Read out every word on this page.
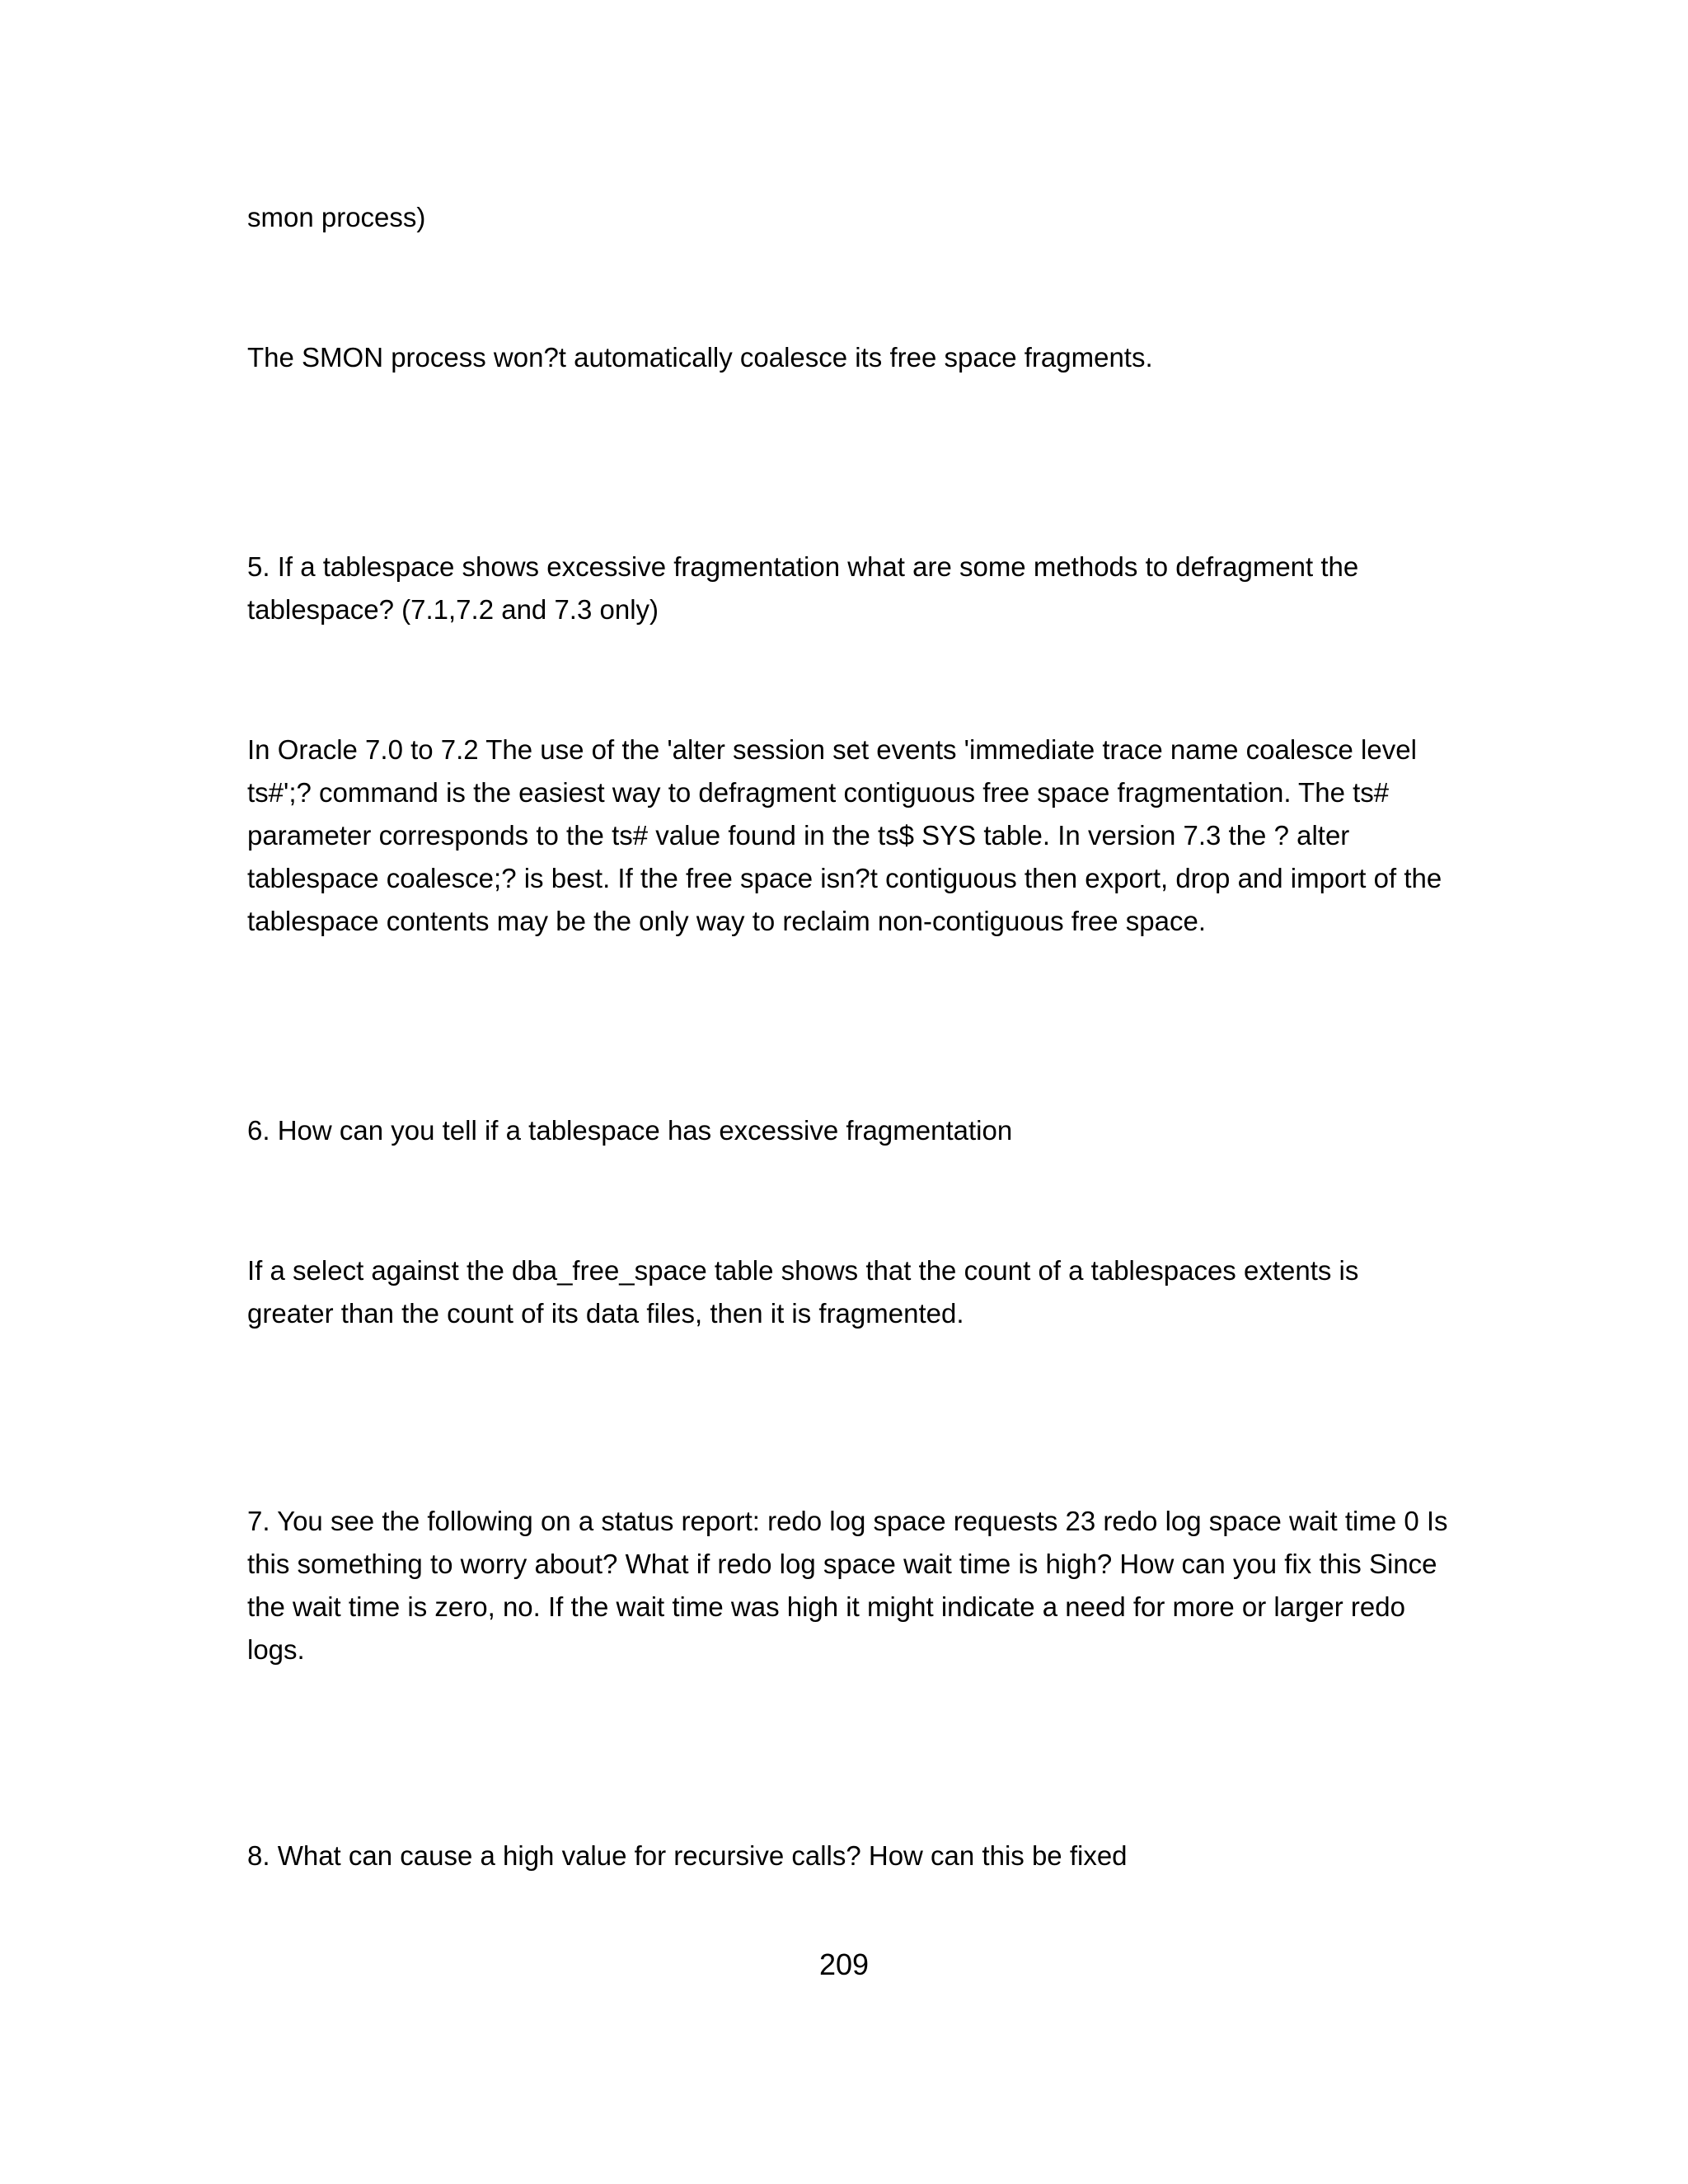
smon process)

The SMON process won?t automatically coalesce its free space fragments.

5. If a tablespace shows excessive fragmentation what are some methods to defragment the tablespace? (7.1,7.2 and 7.3 only)

In Oracle 7.0 to 7.2 The use of the 'alter session set events 'immediate trace name coalesce level ts#';? command is the easiest way to defragment contiguous free space fragmentation. The ts# parameter corresponds to the ts# value found in the ts$ SYS table. In version 7.3 the ? alter tablespace coalesce;? is best. If the free space isn?t contiguous then export, drop and import of the tablespace contents may be the only way to reclaim non-contiguous free space.

6. How can you tell if a tablespace has excessive fragmentation

If a select against the dba_free_space table shows that the count of a tablespaces extents is greater than the count of its data files, then it is fragmented.

7. You see the following on a status report: redo log space requests 23 redo log space wait time 0 Is this something to worry about? What if redo log space wait time is high? How can you fix this Since the wait time is zero, no. If the wait time was high it might indicate a need for more or larger redo logs.

8. What can cause a high value for recursive calls? How can this be fixed

209
